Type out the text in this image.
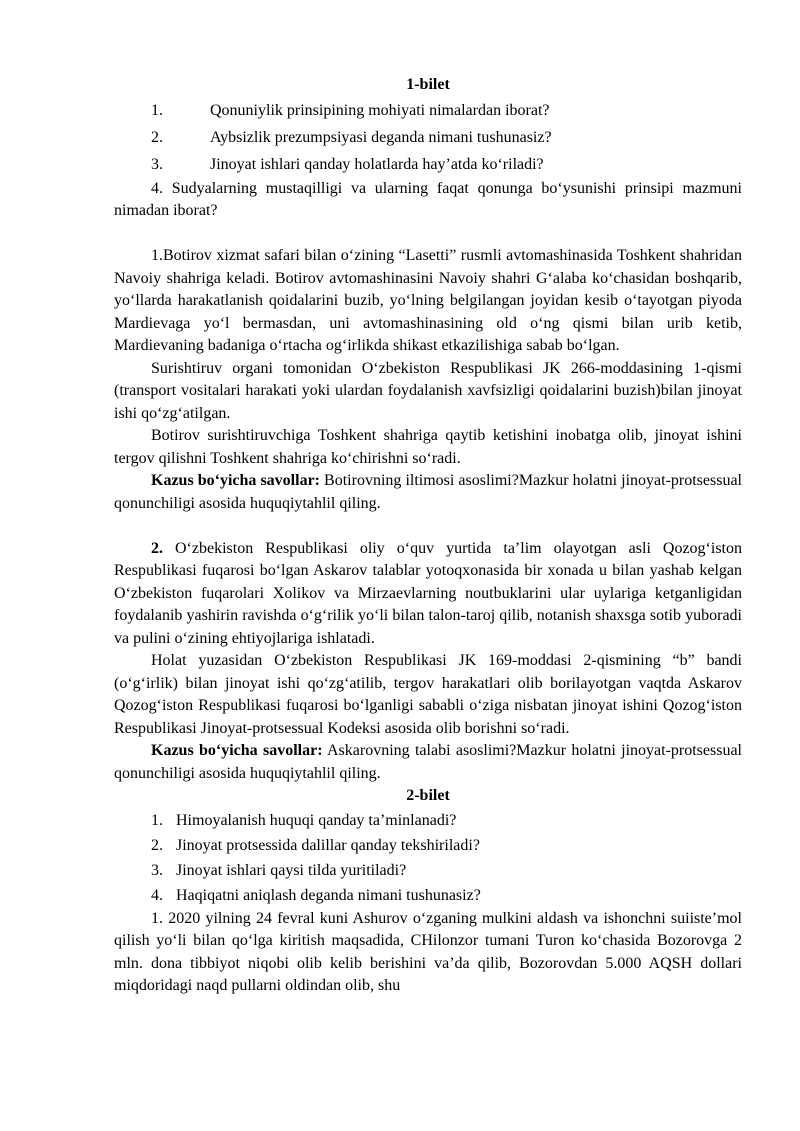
1-bilet

1.	Qonuniylik prinsipining mohiyati nimalardan iborat?

2.	Aybsizlik prezumpsiyasi deganda nimani tushunasiz?

3.	Jinoyat ishlari qanday holatlarda hay’atda ko‘riladi?

4. Sudyalarning mustaqilligi va ularning faqat qonunga bo‘ysunishi prinsipi mazmuni nimadan iborat?

1.Botirov xizmat safari bilan o‘zining “Lasetti” rusmli avtomashinasida Toshkent shahridan Navoiy shahriga keladi. Botirov avtomashinasini Navoiy shahri G‘alaba ko‘chasidan boshqarib, yo‘llarda harakatlanish qoidalarini buzib, yo‘lning belgilangan joyidan kesib o‘tayotgan piyoda Mardievaga yo‘l bermasdan, uni avtomashinasining old o‘ng qismi bilan urib ketib, Mardievaning badaniga o‘rtacha og‘irlikda shikast etkazilishiga sabab bo‘lgan.

Surishtiruv organi tomonidan O‘zbekiston Respublikasi JK 266-moddasining 1-qismi (transport vositalari harakati yoki ulardan foydalanish xavfsizligi qoidalarini buzish)bilan jinoyat ishi qo‘zg‘atilgan.

Botirov surishtiruvchiga Toshkent shahriga qaytib ketishini inobatga olib, jinoyat ishini tergov qilishni Toshkent shahriga ko‘chirishni so‘radi.

Kazus bo‘yicha savollar: Botirovning iltimosi asoslimi?Mazkur holatni jinoyat-protsessual qonunchiligi asosida huquqiytahlil qiling.

2. O‘zbekiston Respublikasi oliy o‘quv yurtida ta’lim olayotgan asli Qozog‘iston Respublikasi fuqarosi bo‘lgan Askarov talablar yotoqxonasida bir xonada u bilan yashab kelgan O‘zbekiston fuqarolari Xolikov va Mirzaevlarning noutbuklarini ular uylariga ketganligidan foydalanib yashirin ravishda o‘g‘rilik yo‘li bilan talon-taroj qilib, notanish shaxsga sotib yuboradi va pulini o‘zining ehtiyojlariga ishlatadi.

Holat yuzasidan O‘zbekiston Respublikasi JK 169-moddasi 2-qismining “b” bandi (o‘g‘irlik) bilan jinoyat ishi qo‘zg‘atilib, tergov harakatlari olib borilayotgan vaqtda Askarov Qozog‘iston Respublikasi fuqarosi bo‘lganligi sababli o‘ziga nisbatan jinoyat ishini Qozog‘iston Respublikasi Jinoyat-protsessual Kodeksi asosida olib borishni so‘radi.

Kazus bo‘yicha savollar: Askarovning talabi asoslimi?Mazkur holatni jinoyat-protsessual qonunchiligi asosida huquqiytahlil qiling.

2-bilet

1. Himoyalanish huquqi qanday ta’minlanadi?

2. Jinoyat protsessida dalillar qanday tekshiriladi?

3. Jinoyat ishlari qaysi tilda yuritiladi?

4. Haqiqatni aniqlash deganda nimani tushunasiz?

1. 2020 yilning 24 fevral kuni Ashurov o‘zganing mulkini aldash va ishonchni suiiste’mol qilish yo‘li bilan qo‘lga kiritish maqsadida, CHilonzor tumani Turon ko‘chasida Bozorovga 2 mln. dona tibbiyot niqobi olib kelib berishini va’da qilib, Bozorovdan 5.000 AQSH dollari miqdoridagi naqd pullarni oldindan olib, shu
